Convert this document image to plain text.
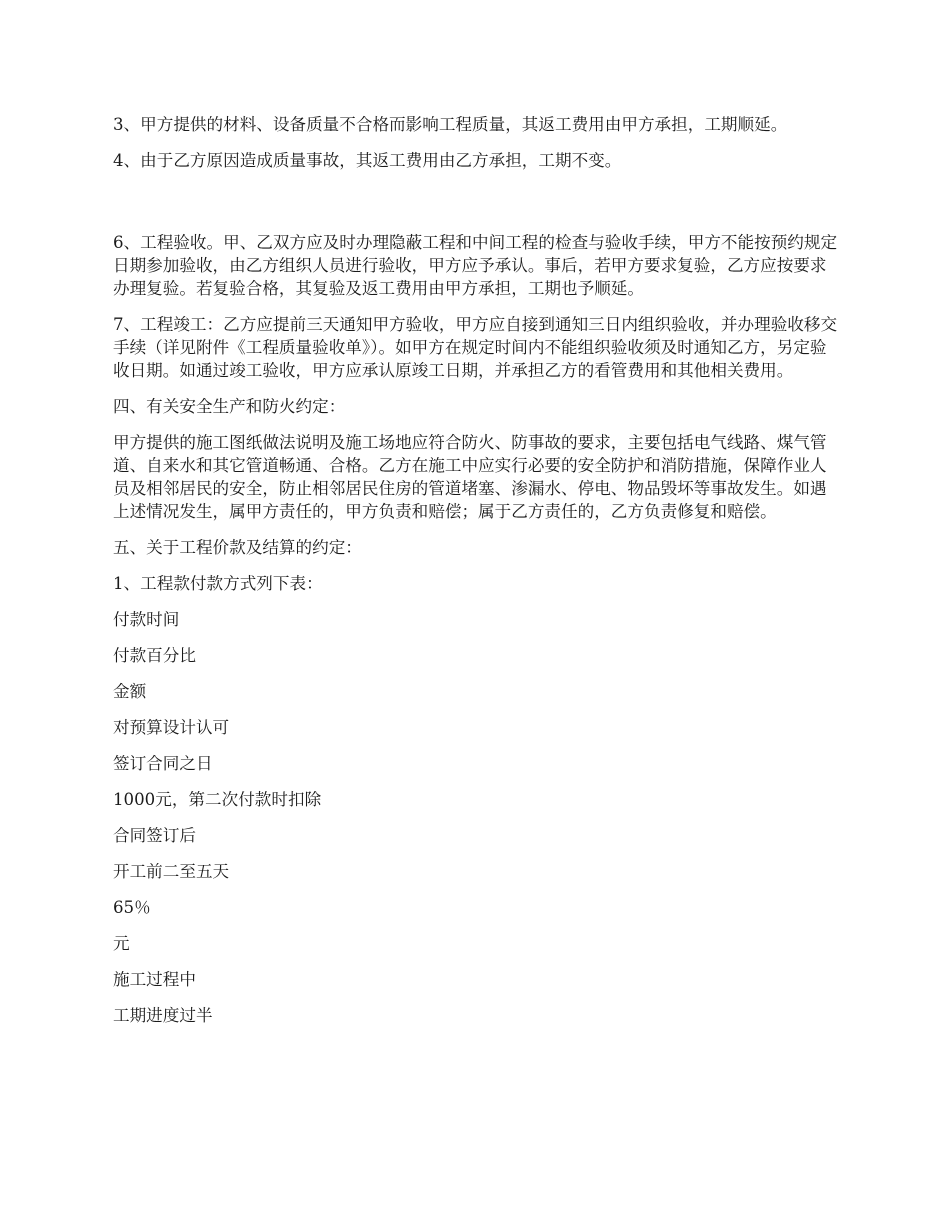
3、甲方提供的材料、设备质量不合格而影响工程质量，其返工费用由甲方承担，工期顺延。

4、由于乙方原因造成质量事故，其返工费用由乙方承担，工期不变。

6、工程验收。甲、乙双方应及时办理隐蔽工程和中间工程的检查与验收手续，甲方不能按预约规定日期参加验收，由乙方组织人员进行验收，甲方应予承认。事后，若甲方要求复验，乙方应按要求办理复验。若复验合格，其复验及返工费用由甲方承担，工期也予顺延。

7、工程竣工：乙方应提前三天通知甲方验收，甲方应自接到通知三日内组织验收，并办理验收移交手续（详见附件《工程质量验收单》）。如甲方在规定时间内不能组织验收须及时通知乙方，另定验收日期。如通过竣工验收，甲方应承认原竣工日期，并承担乙方的看管费用和其他相关费用。

四、有关安全生产和防火约定：

甲方提供的施工图纸做法说明及施工场地应符合防火、防事故的要求，主要包括电气线路、煤气管道、自来水和其它管道畅通、合格。乙方在施工中应实行必要的安全防护和消防措施，保障作业人员及相邻居民的安全，防止相邻居民住房的管道堵塞、渗漏水、停电、物品毁坏等事故发生。如遇上述情况发生，属甲方责任的，甲方负责和赔偿；属于乙方责任的，乙方负责修复和赔偿。

五、关于工程价款及结算的约定：

1、工程款付款方式列下表：

付款时间

付款百分比

金额

对预算设计认可

签订合同之日

1000元，第二次付款时扣除

合同签订后

开工前二至五天

65％

元

施工过程中

工期进度过半
